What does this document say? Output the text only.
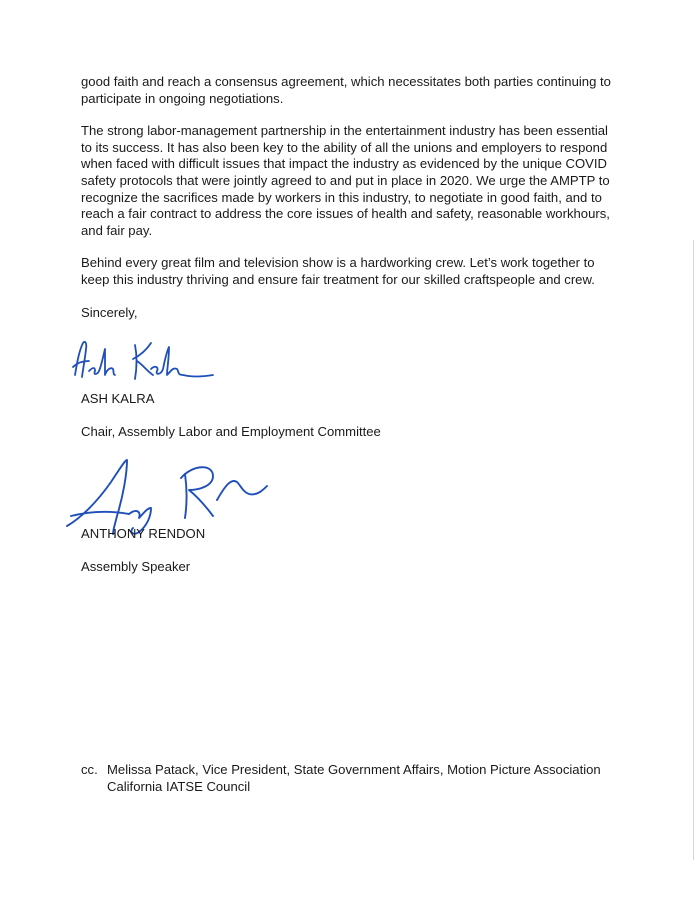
good faith and reach a consensus agreement, which necessitates both parties continuing to participate in ongoing negotiations.

The strong labor-management partnership in the entertainment industry has been essential to its success. It has also been key to the ability of all the unions and employers to respond when faced with difficult issues that impact the industry as evidenced by the unique COVID safety protocols that were jointly agreed to and put in place in 2020. We urge the AMPTP to recognize the sacrifices made by workers in this industry, to negotiate in good faith, and to reach a fair contract to address the core issues of health and safety, reasonable workhours, and fair pay.

Behind every great film and television show is a hardworking crew. Let’s work together to keep this industry thriving and ensure fair treatment for our skilled craftspeople and crew.

Sincerely,

ASH KALRA

Chair, Assembly Labor and Employment Committee

ANTHONY RENDON

Assembly Speaker

cc. Melissa Patack, Vice President, State Government Affairs, Motion Picture Association
California IATSE Council
